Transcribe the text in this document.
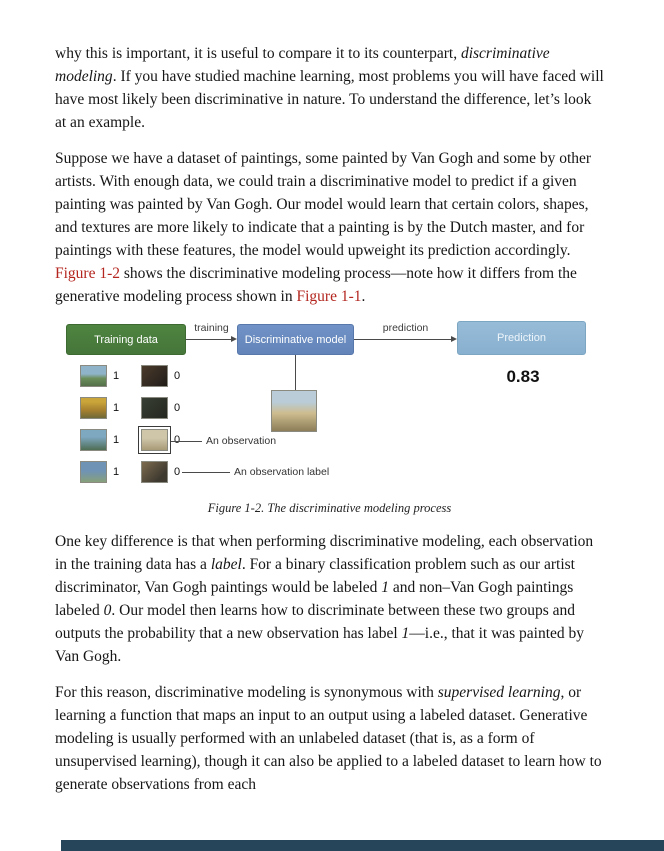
why this is important, it is useful to compare it to its counterpart, discriminative modeling. If you have studied machine learning, most problems you will have faced will have most likely been discriminative in nature. To understand the difference, let’s look at an example.

Suppose we have a dataset of paintings, some painted by Van Gogh and some by other artists. With enough data, we could train a discriminative model to predict if a given painting was painted by Van Gogh. Our model would learn that certain colors, shapes, and textures are more likely to indicate that a painting is by the Dutch master, and for paintings with these features, the model would upweight its prediction accordingly. Figure 1-2 shows the discriminative modeling process—note how it differs from the generative modeling process shown in Figure 1-1.

Training data
training
Discriminative model
prediction
Prediction
0.83
1	0
1	0
1	0
1	0
An observation
An observation label
Figure 1-2. The discriminative modeling process

One key difference is that when performing discriminative modeling, each observation in the training data has a label. For a binary classification problem such as our artist discriminator, Van Gogh paintings would be labeled 1 and non–Van Gogh paintings labeled 0. Our model then learns how to discriminate between these two groups and outputs the probability that a new observation has label 1—i.e., that it was painted by Van Gogh.

For this reason, discriminative modeling is synonymous with supervised learning, or learning a function that maps an input to an output using a labeled dataset. Generative modeling is usually performed with an unlabeled dataset (that is, as a form of unsupervised learning), though it can also be applied to a labeled dataset to learn how to generate observations from each
